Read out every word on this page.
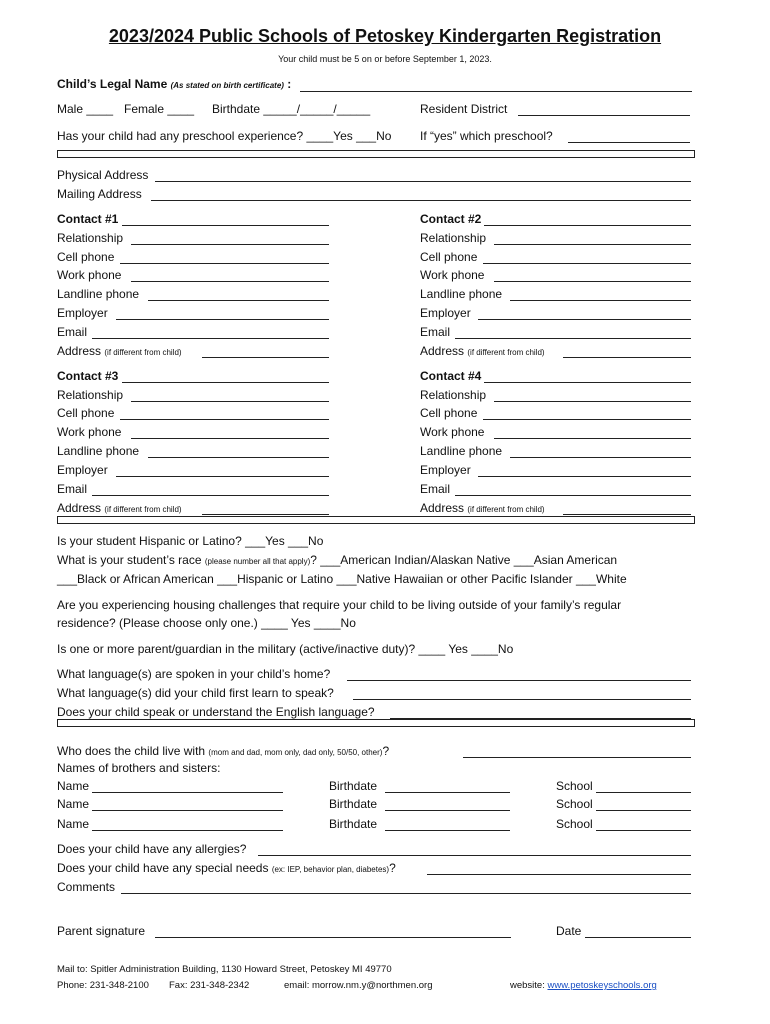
2023/2024 Public Schools of Petoskey Kindergarten Registration
Your child must be 5 on or before September 1, 2023.
Child’s Legal Name (As stated on birth certificate) :
Male ____ Female ____ Birthdate _____/_____/_____	Resident District
Has your child had any preschool experience? ____Yes ___No If “yes” which preschool?
Physical Address
Mailing Address
Contact #1	Contact #2
Relationship	Relationship
Cell phone	Cell phone
Work phone	Work phone
Landline phone	Landline phone
Employer	Employer
Email	Email
Address (if different from child)	Address (if different from child)
Contact #3	Contact #4
Relationship	Relationship
Cell phone	Cell phone
Work phone	Work phone
Landline phone	Landline phone
Employer	Employer
Email	Email
Address (if different from child)	Address (if different from child)
Is your student Hispanic or Latino? ___Yes ___No
What is your student’s race (please number all that apply)? ___American Indian/Alaskan Native ___Asian American
___Black or African American ___Hispanic or Latino ___Native Hawaiian or other Pacific Islander ___White
Are you experiencing housing challenges that require your child to be living outside of your family’s regular
residence? (Please choose only one.) ____ Yes ____No
Is one or more parent/guardian in the military (active/inactive duty)? ____ Yes ____No
What language(s) are spoken in your child’s home?
What language(s) did your child first learn to speak?
Does your child speak or understand the English language?
Who does the child live with (mom and dad, mom only, dad only, 50/50, other)?
Names of brothers and sisters:
Name	Birthdate	School
Name	Birthdate	School
Name	Birthdate	School
Does your child have any allergies?
Does your child have any special needs (ex: IEP, behavior plan, diabetes)?
Comments
Parent signature	Date
Mail to: Spitler Administration Building, 1130 Howard Street, Petoskey MI 49770
Phone: 231-348-2100 Fax: 231-348-2342	email: morrow.nm.y@northmen.org	website: www.petoskeyschools.org
